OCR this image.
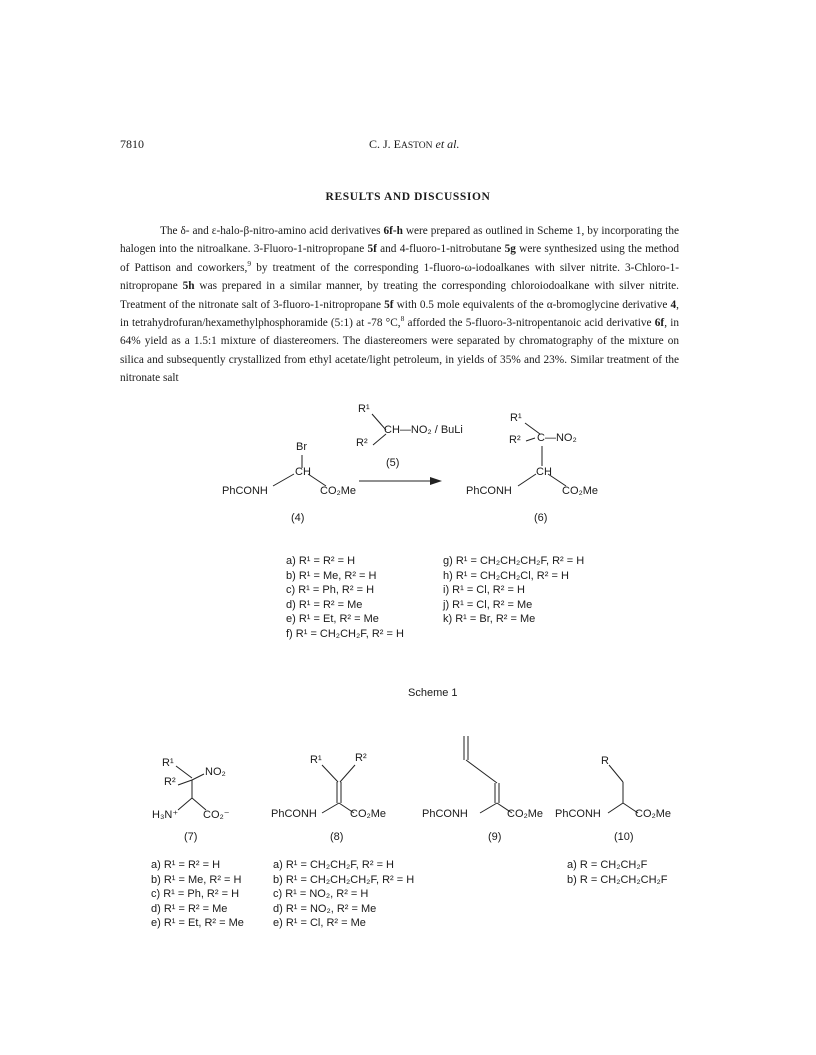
7810	C. J. EASTON et al.
RESULTS AND DISCUSSION

The δ- and ε-halo-β-nitro-amino acid derivatives 6f-h were prepared as outlined in Scheme 1, by incorporating the halogen into the nitroalkane. 3-Fluoro-1-nitropropane 5f and 4-fluoro-1-nitrobutane 5g were synthesized using the method of Pattison and coworkers,$^9$ by treatment of the corresponding 1-fluoro-ω-iodoalkanes with silver nitrite. 3-Chloro-1-nitropropane 5h was prepared in a similar manner, by treating the corresponding chloroiodoalkane with silver nitrite. Treatment of the nitronate salt of 3-fluoro-1-nitropropane 5f with 0.5 mole equivalents of the α-bromoglycine derivative 4, in tetrahydrofuran/hexamethylphosphoramide (5:1) at -78 °C,$^8$ afforded the 5-fluoro-3-nitropentanoic acid derivative 6f, in 64% yield as a 1.5:1 mixture of diastereomers. The diastereomers were separated by chromatography of the mixture on silica and subsequently crystallized from ethyl acetate/light petroleum, in yields of 35% and 23%. Similar treatment of the nitronate salt

Br
CH
PhCONH	CO₂Me
(4)
R¹
R²
CH—NO₂ / BuLi
(5)
R¹
R² C—NO₂
CH
PhCONH	CO₂Me
(6)
a) R¹ = R² = H
b) R¹ = Me, R² = H
c) R¹ = Ph, R² = H
d) R¹ = R² = Me
e) R¹ = Et, R² = Me
f) R¹ = CH₂CH₂F, R² = H
g) R¹ = CH₂CH₂CH₂F, R² = H
h) R¹ = CH₂CH₂Cl, R² = H
i) R¹ = Cl, R² = H
j) R¹ = Cl, R² = Me
k) R¹ = Br, R² = Me
Scheme 1
R¹
R²
NO₂
H₃N⁺ CO₂⁻
(7)
R¹	R²
PhCONH	CO₂Me
(8)
PhCONH	CO₂Me
(9)
R
PhCONH	CO₂Me
(10)
a) R¹ = R² = H
b) R¹ = Me, R² = H
c) R¹ = Ph, R² = H
d) R¹ = R² = Me
e) R¹ = Et, R² = Me
a) R¹ = CH₂CH₂F, R² = H
b) R¹ = CH₂CH₂CH₂F, R² = H
c) R¹ = NO₂, R² = H
d) R¹ = NO₂, R² = Me
e) R¹ = Cl, R² = Me
a) R = CH₂CH₂F
b) R = CH₂CH₂CH₂F
